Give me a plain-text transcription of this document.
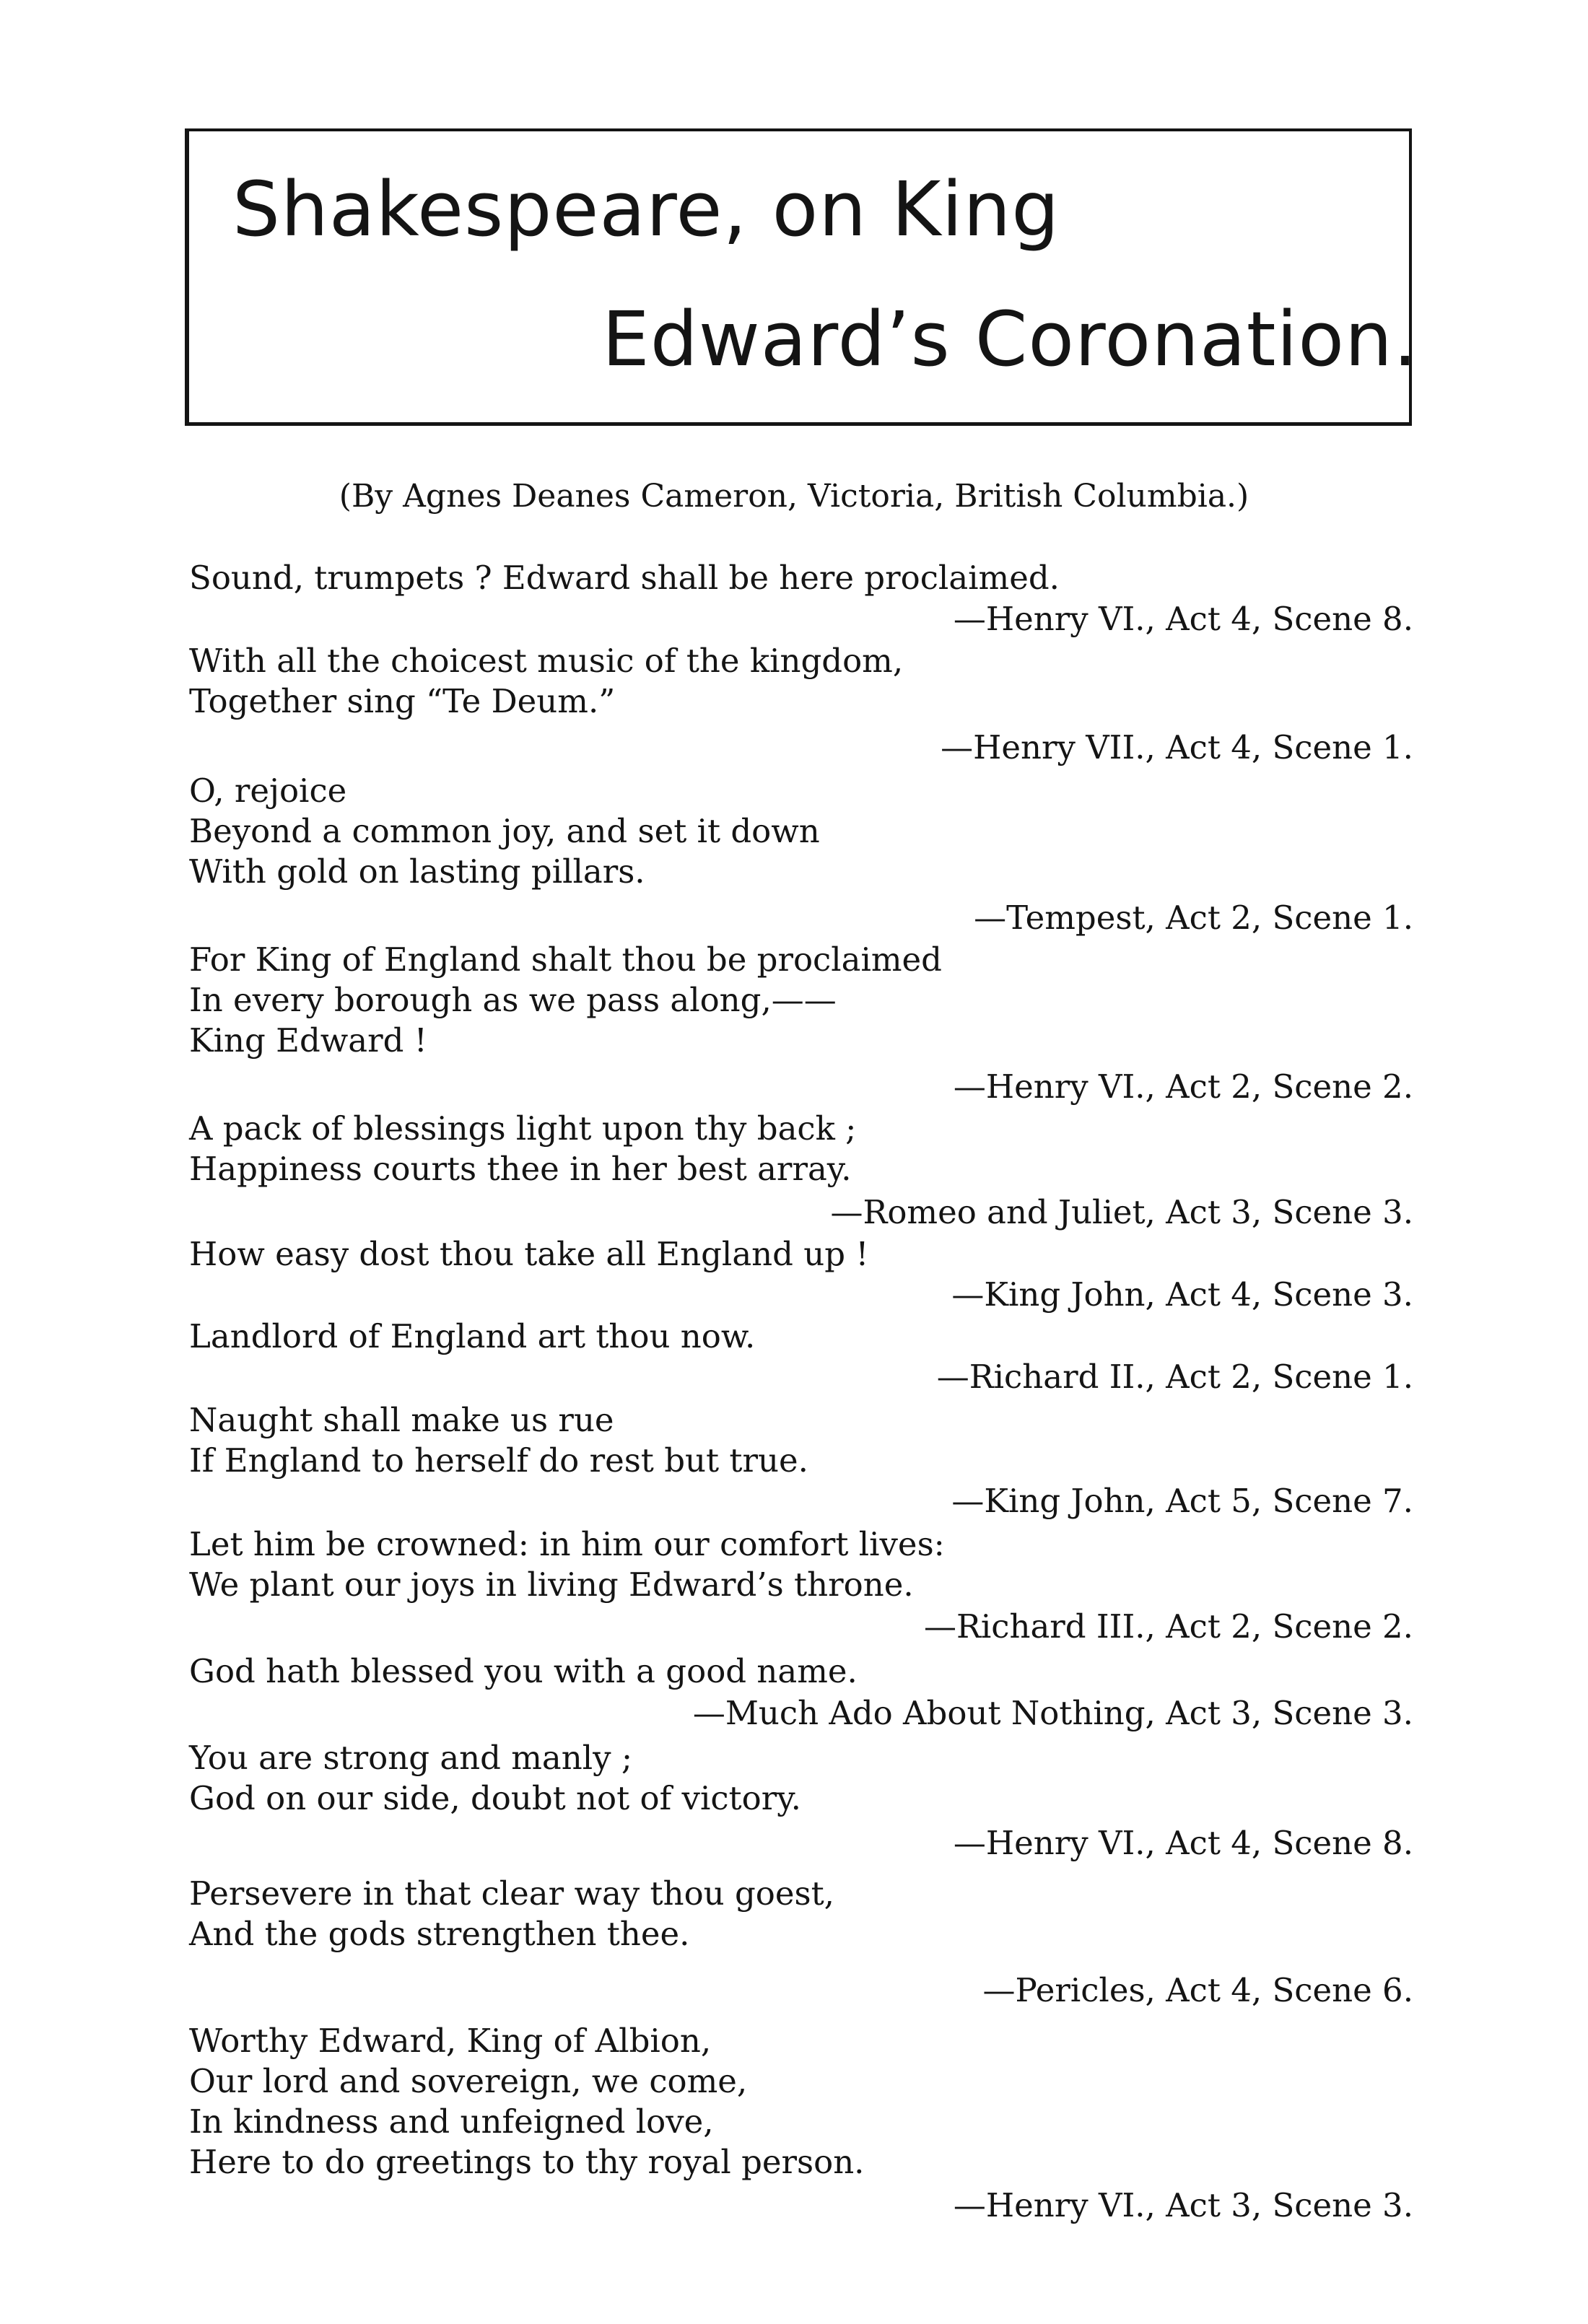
Shakespeare, on King
Edward’s Coronation.
(By Agnes Deanes Cameron, Victoria, British Columbia.)
Sound, trumpets ? Edward shall be here proclaimed.
—Henry VI., Act 4, Scene 8.
With all the choicest music of the kingdom,
Together sing “Te Deum.”
—Henry VII., Act 4, Scene 1.
O, rejoice
Beyond a common joy, and set it down
With gold on lasting pillars.
—Tempest, Act 2, Scene 1.
For King of England shalt thou be proclaimed
In every borough as we pass along,——
King Edward !
—Henry VI., Act 2, Scene 2.
A pack of blessings light upon thy back ;
Happiness courts thee in her best array.
—Romeo and Juliet, Act 3, Scene 3.
How easy dost thou take all England up !
—King John, Act 4, Scene 3.
Landlord of England art thou now.
—Richard II., Act 2, Scene 1.
Naught shall make us rue
If England to herself do rest but true.
—King John, Act 5, Scene 7.
Let him be crowned: in him our comfort lives:
We plant our joys in living Edward’s throne.
—Richard III., Act 2, Scene 2.
God hath blessed you with a good name.
—Much Ado About Nothing, Act 3, Scene 3.
You are strong and manly ;
God on our side, doubt not of victory.
—Henry VI., Act 4, Scene 8.
Persevere in that clear way thou goest,
And the gods strengthen thee.
—Pericles, Act 4, Scene 6.
Worthy Edward, King of Albion,
Our lord and sovereign, we come,
In kindness and unfeigned love,
Here to do greetings to thy royal person.
—Henry VI., Act 3, Scene 3.
